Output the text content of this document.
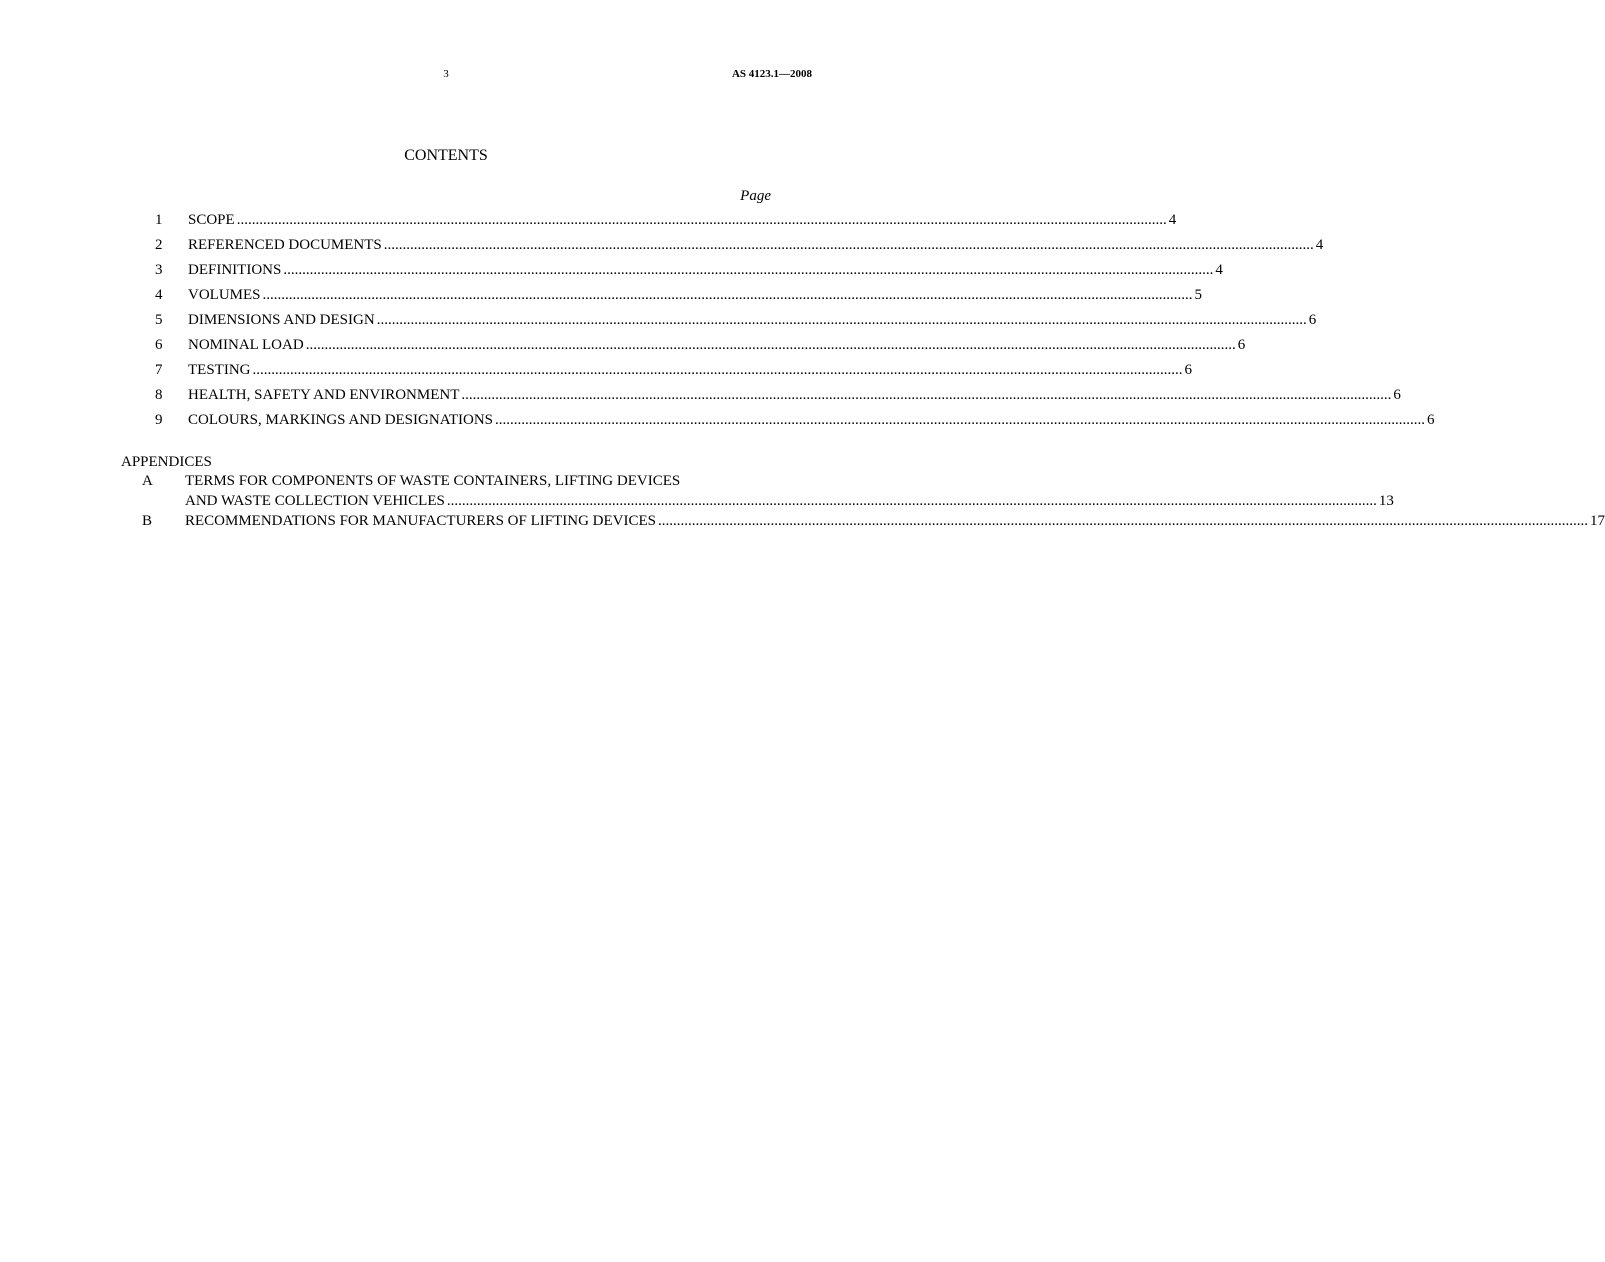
3	AS 4123.1—2008
CONTENTS
Page
1	SCOPE .....	4
2	REFERENCED DOCUMENTS .....	4
3	DEFINITIONS .....	4
4	VOLUMES .....	5
5	DIMENSIONS AND DESIGN .....	6
6	NOMINAL LOAD .....	6
7	TESTING .....	6
8	HEALTH, SAFETY AND ENVIRONMENT .....	6
9	COLOURS, MARKINGS AND DESIGNATIONS .....	6
APPENDICES
A	TERMS FOR COMPONENTS OF WASTE CONTAINERS, LIFTING DEVICES
AND WASTE COLLECTION VEHICLES .....	13
B	RECOMMENDATIONS FOR MANUFACTURERS OF LIFTING DEVICES .....	17
